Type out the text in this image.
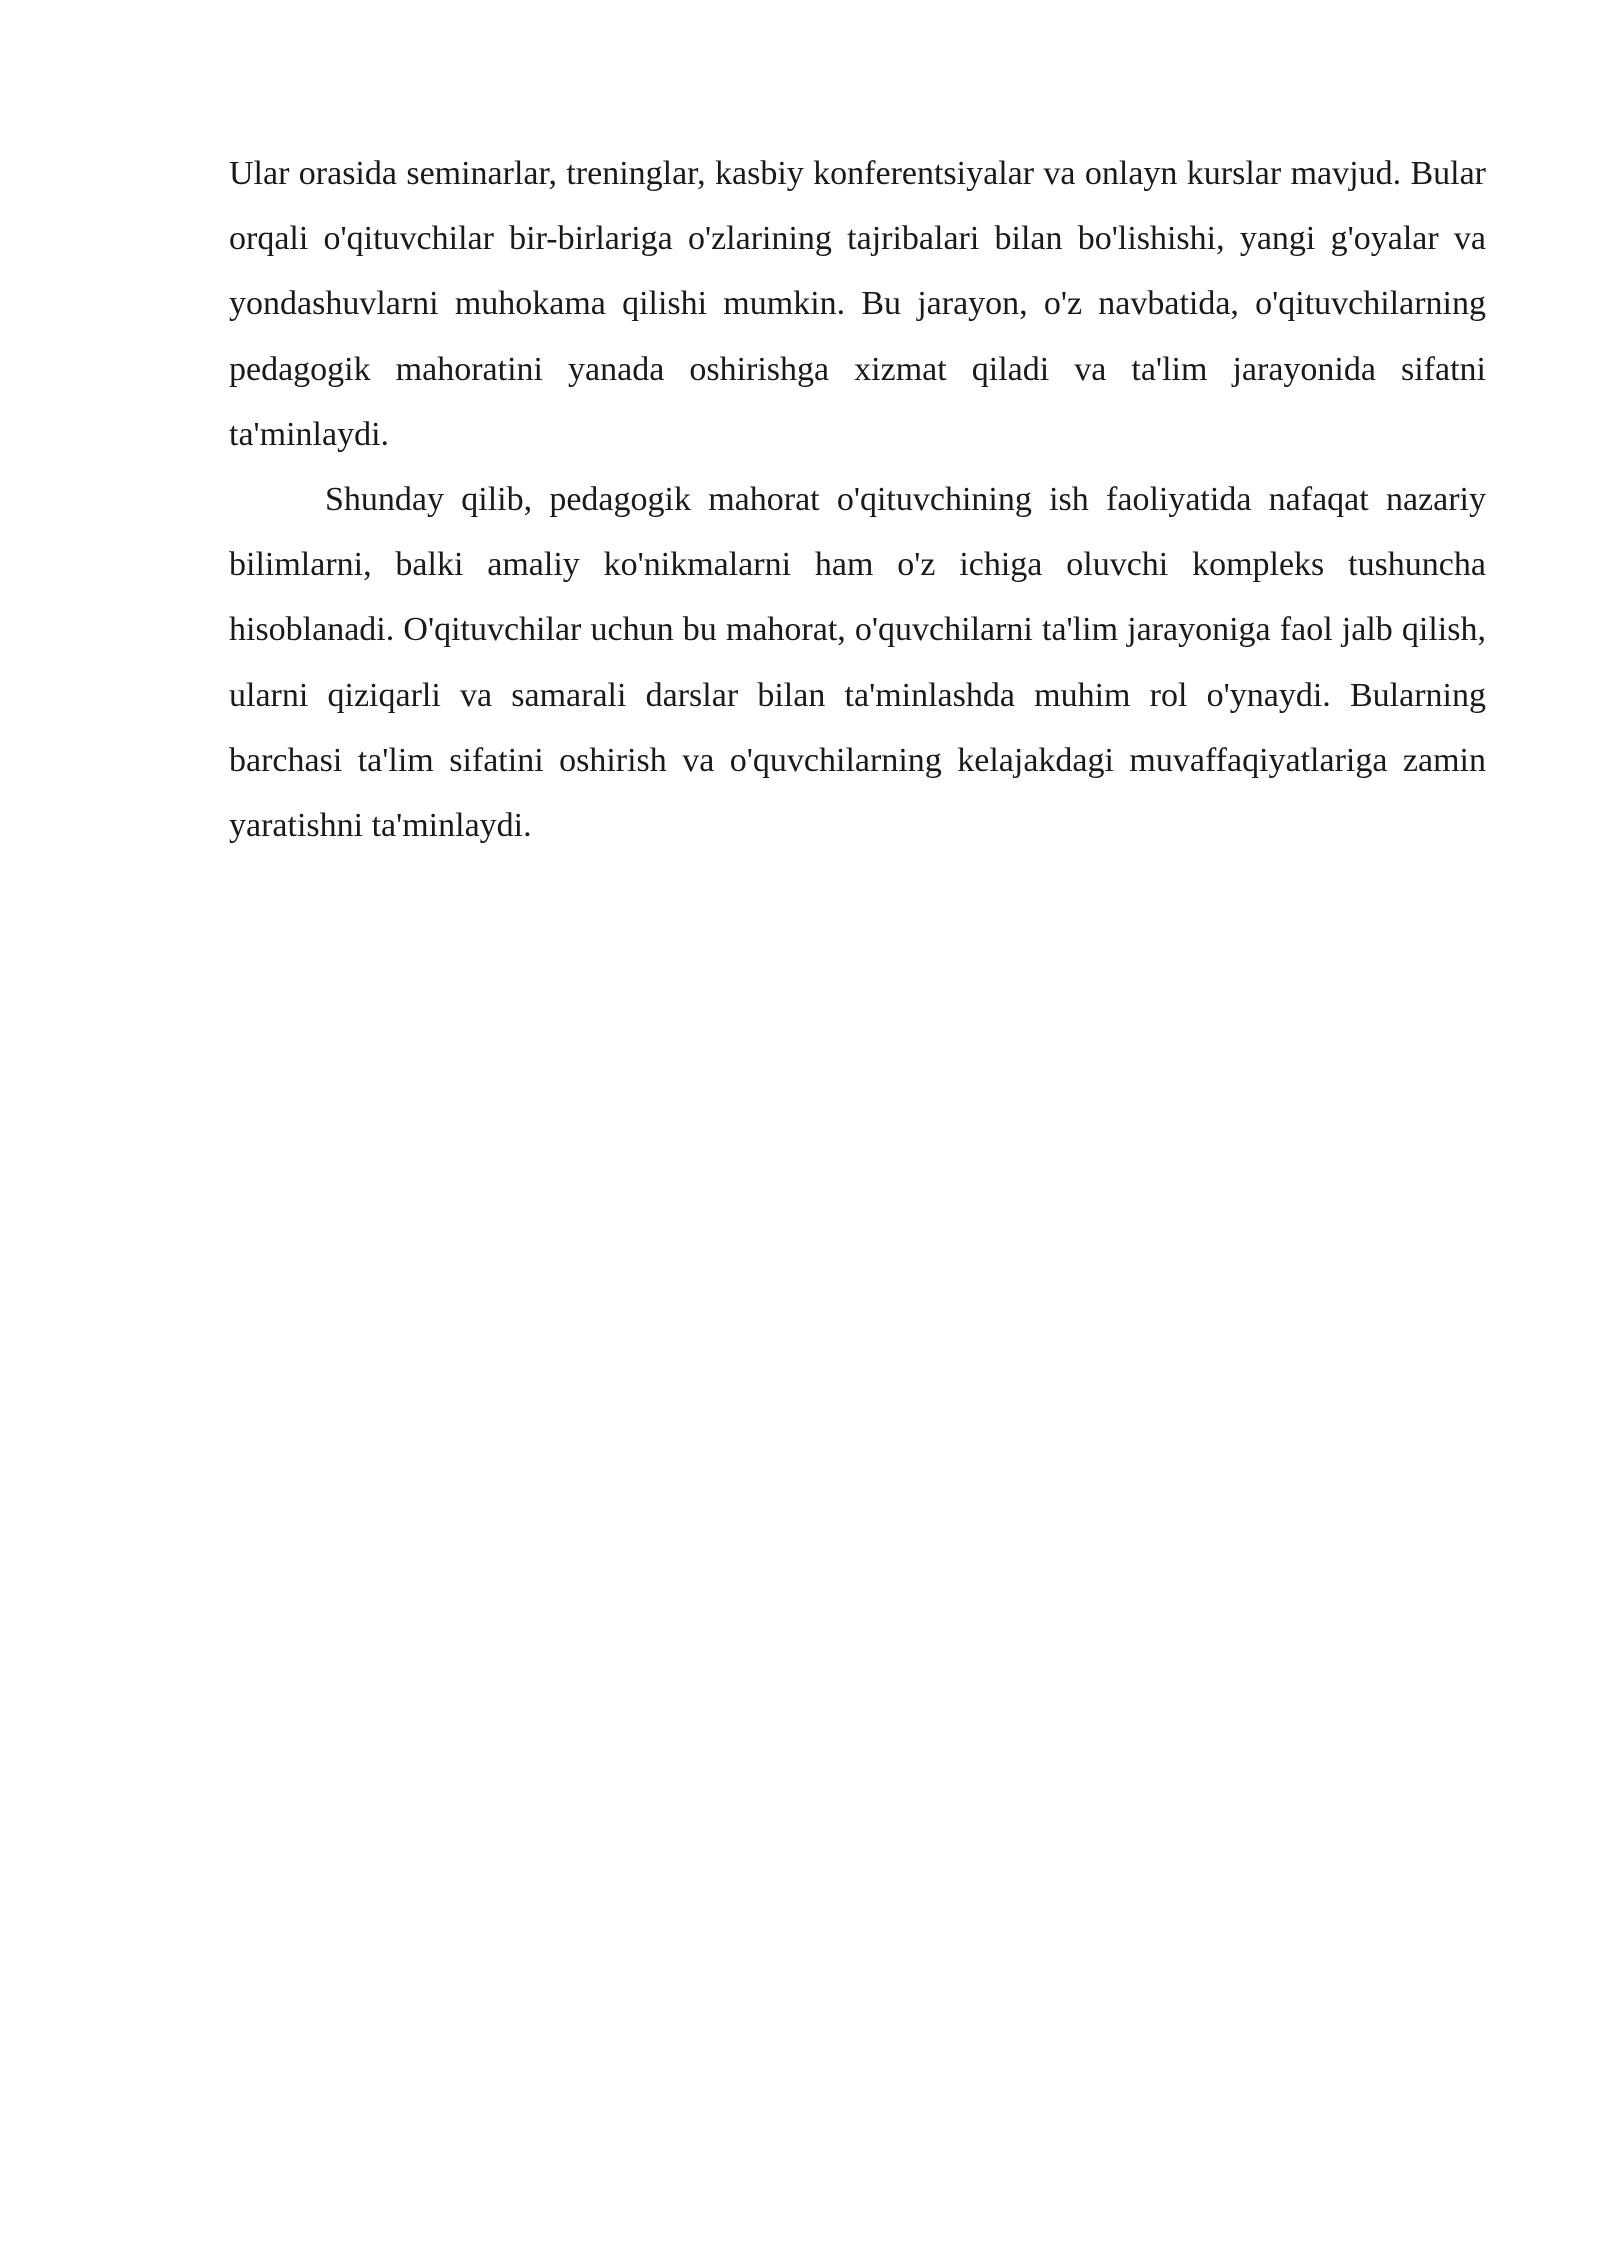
Ular orasida seminarlar, treninglar, kasbiy konferentsiyalar va onlayn kurslar mavjud. Bular orqali o'qituvchilar bir-birlariga o'zlarining tajribalari bilan bo'lishishi, yangi g'oyalar va yondashuvlarni muhokama qilishi mumkin. Bu jarayon, o'z navbatida, o'qituvchilarning pedagogik mahoratini yanada oshirishga xizmat qiladi va ta'lim jarayonida sifatni ta'minlaydi.

Shunday qilib, pedagogik mahorat o'qituvchining ish faoliyatida nafaqat nazariy bilimlarni, balki amaliy ko'nikmalarni ham o'z ichiga oluvchi kompleks tushuncha hisoblanadi. O'qituvchilar uchun bu mahorat, o'quvchilarni ta'lim jarayoniga faol jalb qilish, ularni qiziqarli va samarali darslar bilan ta'minlashda muhim rol o'ynaydi. Bularning barchasi ta'lim sifatini oshirish va o'quvchilarning kelajakdagi muvaffaqiyatlariga zamin yaratishni ta'minlaydi.
